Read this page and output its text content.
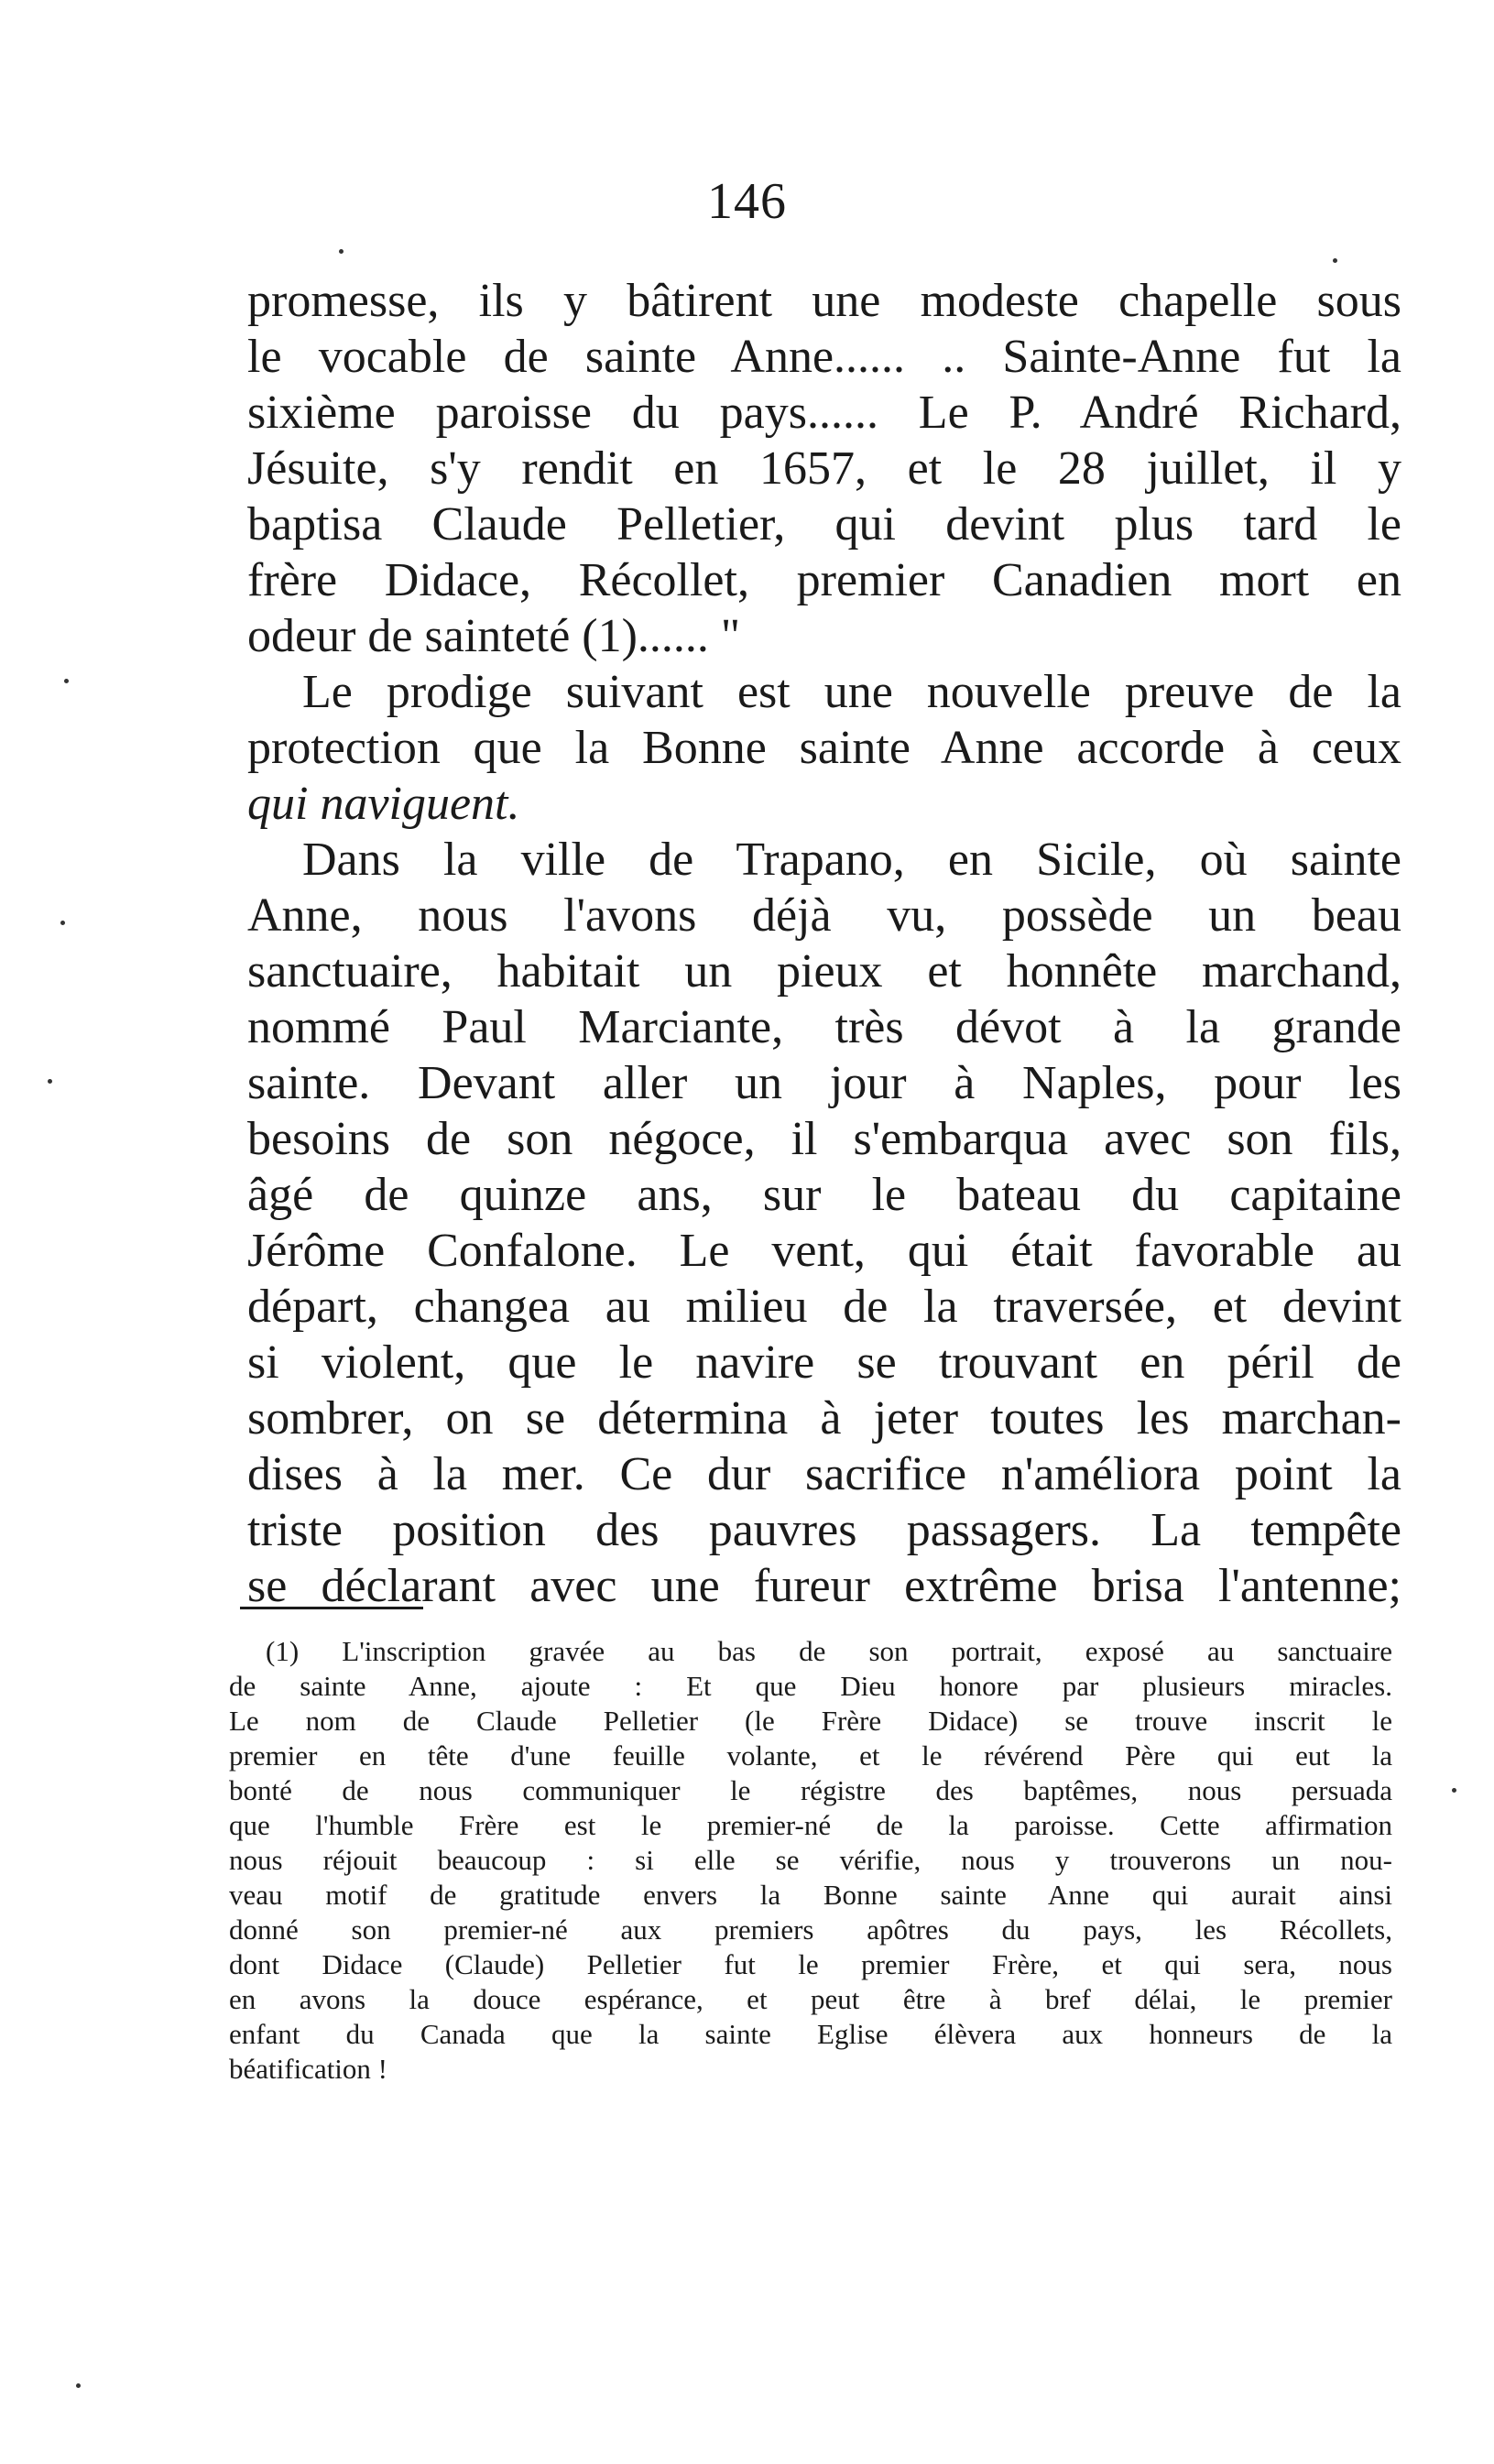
146
promesse, ils y bâtirent une modeste chapelle sous
le vocable de sainte Anne...... .. Sainte-Anne fut la
sixième paroisse du pays...... Le P. André Richard,
Jésuite, s'y rendit en 1657, et le 28 juillet, il y
baptisa Claude Pelletier, qui devint plus tard le
frère Didace, Récollet, premier Canadien mort en
odeur de sainteté (1)...... "
Le prodige suivant est une nouvelle preuve de la
protection que la Bonne sainte Anne accorde à ceux
qui naviguent.
Dans la ville de Trapano, en Sicile, où sainte
Anne, nous l'avons déjà vu, possède un beau
sanctuaire, habitait un pieux et honnête marchand,
nommé Paul Marciante, très dévot à la grande
sainte. Devant aller un jour à Naples, pour les
besoins de son négoce, il s'embarqua avec son fils,
âgé de quinze ans, sur le bateau du capitaine
Jérôme Confalone. Le vent, qui était favorable au
départ, changea au milieu de la traversée, et devint
si violent, que le navire se trouvant en péril de
sombrer, on se détermina à jeter toutes les marchan-
dises à la mer. Ce dur sacrifice n'améliora point la
triste position des pauvres passagers. La tempête
se déclarant avec une fureur extrême brisa l'antenne;
(1) L'inscription gravée au bas de son portrait, exposé au sanctuaire
de sainte Anne, ajoute : Et que Dieu honore par plusieurs miracles.
Le nom de Claude Pelletier (le Frère Didace) se trouve inscrit le
premier en tête d'une feuille volante, et le révérend Père qui eut la
bonté de nous communiquer le régistre des baptêmes, nous persuada
que l'humble Frère est le premier-né de la paroisse. Cette affirmation
nous réjouit beaucoup : si elle se vérifie, nous y trouverons un nou-
veau motif de gratitude envers la Bonne sainte Anne qui aurait ainsi
donné son premier-né aux premiers apôtres du pays, les Récollets,
dont Didace (Claude) Pelletier fut le premier Frère, et qui sera, nous
en avons la douce espérance, et peut être à bref délai, le premier
enfant du Canada que la sainte Eglise élèvera aux honneurs de la
béatification !
